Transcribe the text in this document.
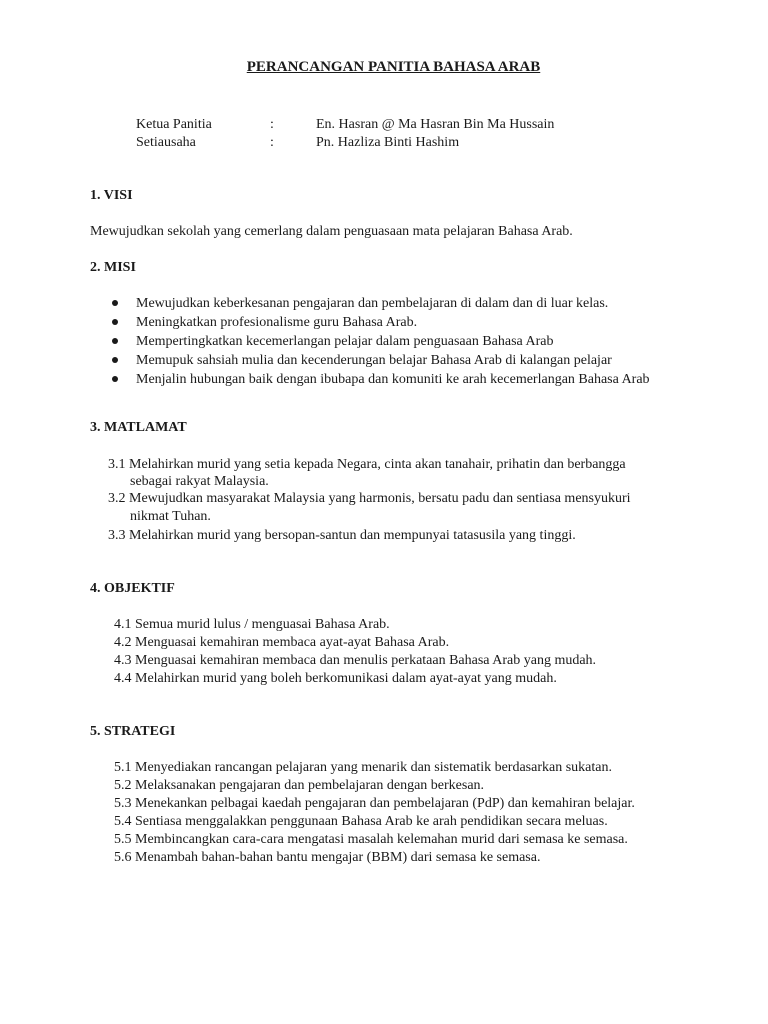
PERANCANGAN PANITIA BAHASA ARAB
Ketua Panitia	:	En. Hasran @ Ma Hasran Bin Ma Hussain
Setiausaha	:	Pn. Hazliza Binti Hashim
1. VISI
Mewujudkan sekolah yang cemerlang dalam penguasaan mata pelajaran Bahasa Arab.
2. MISI
Mewujudkan keberkesanan pengajaran dan pembelajaran di dalam dan di luar kelas.
Meningkatkan profesionalisme guru Bahasa Arab.
Mempertingkatkan kecemerlangan pelajar dalam penguasaan Bahasa Arab
Memupuk sahsiah mulia dan kecenderungan belajar Bahasa Arab di kalangan pelajar
Menjalin hubungan baik dengan ibubapa dan komuniti ke arah kecemerlangan Bahasa Arab
3. MATLAMAT
3.1 Melahirkan murid yang setia kepada Negara, cinta akan tanahair, prihatin dan berbangga
sebagai rakyat Malaysia.
3.2 Mewujudkan masyarakat Malaysia yang harmonis, bersatu padu dan sentiasa mensyukuri
nikmat Tuhan.
3.3 Melahirkan murid yang bersopan-santun dan mempunyai tatasusila yang tinggi.
4. OBJEKTIF
4.1 Semua murid lulus / menguasai Bahasa Arab.
4.2 Menguasai kemahiran membaca ayat-ayat Bahasa Arab.
4.3 Menguasai kemahiran membaca dan menulis perkataan Bahasa Arab yang mudah.
4.4 Melahirkan murid yang boleh berkomunikasi dalam ayat-ayat yang mudah.
5. STRATEGI
5.1 Menyediakan rancangan pelajaran yang menarik dan sistematik berdasarkan sukatan.
5.2 Melaksanakan pengajaran dan pembelajaran dengan berkesan.
5.3 Menekankan pelbagai kaedah pengajaran dan pembelajaran (PdP) dan kemahiran belajar.
5.4 Sentiasa menggalakkan penggunaan Bahasa Arab ke arah pendidikan secara meluas.
5.5 Membincangkan cara-cara mengatasi masalah kelemahan murid dari semasa ke semasa.
5.6 Menambah bahan-bahan bantu mengajar (BBM) dari semasa ke semasa.
